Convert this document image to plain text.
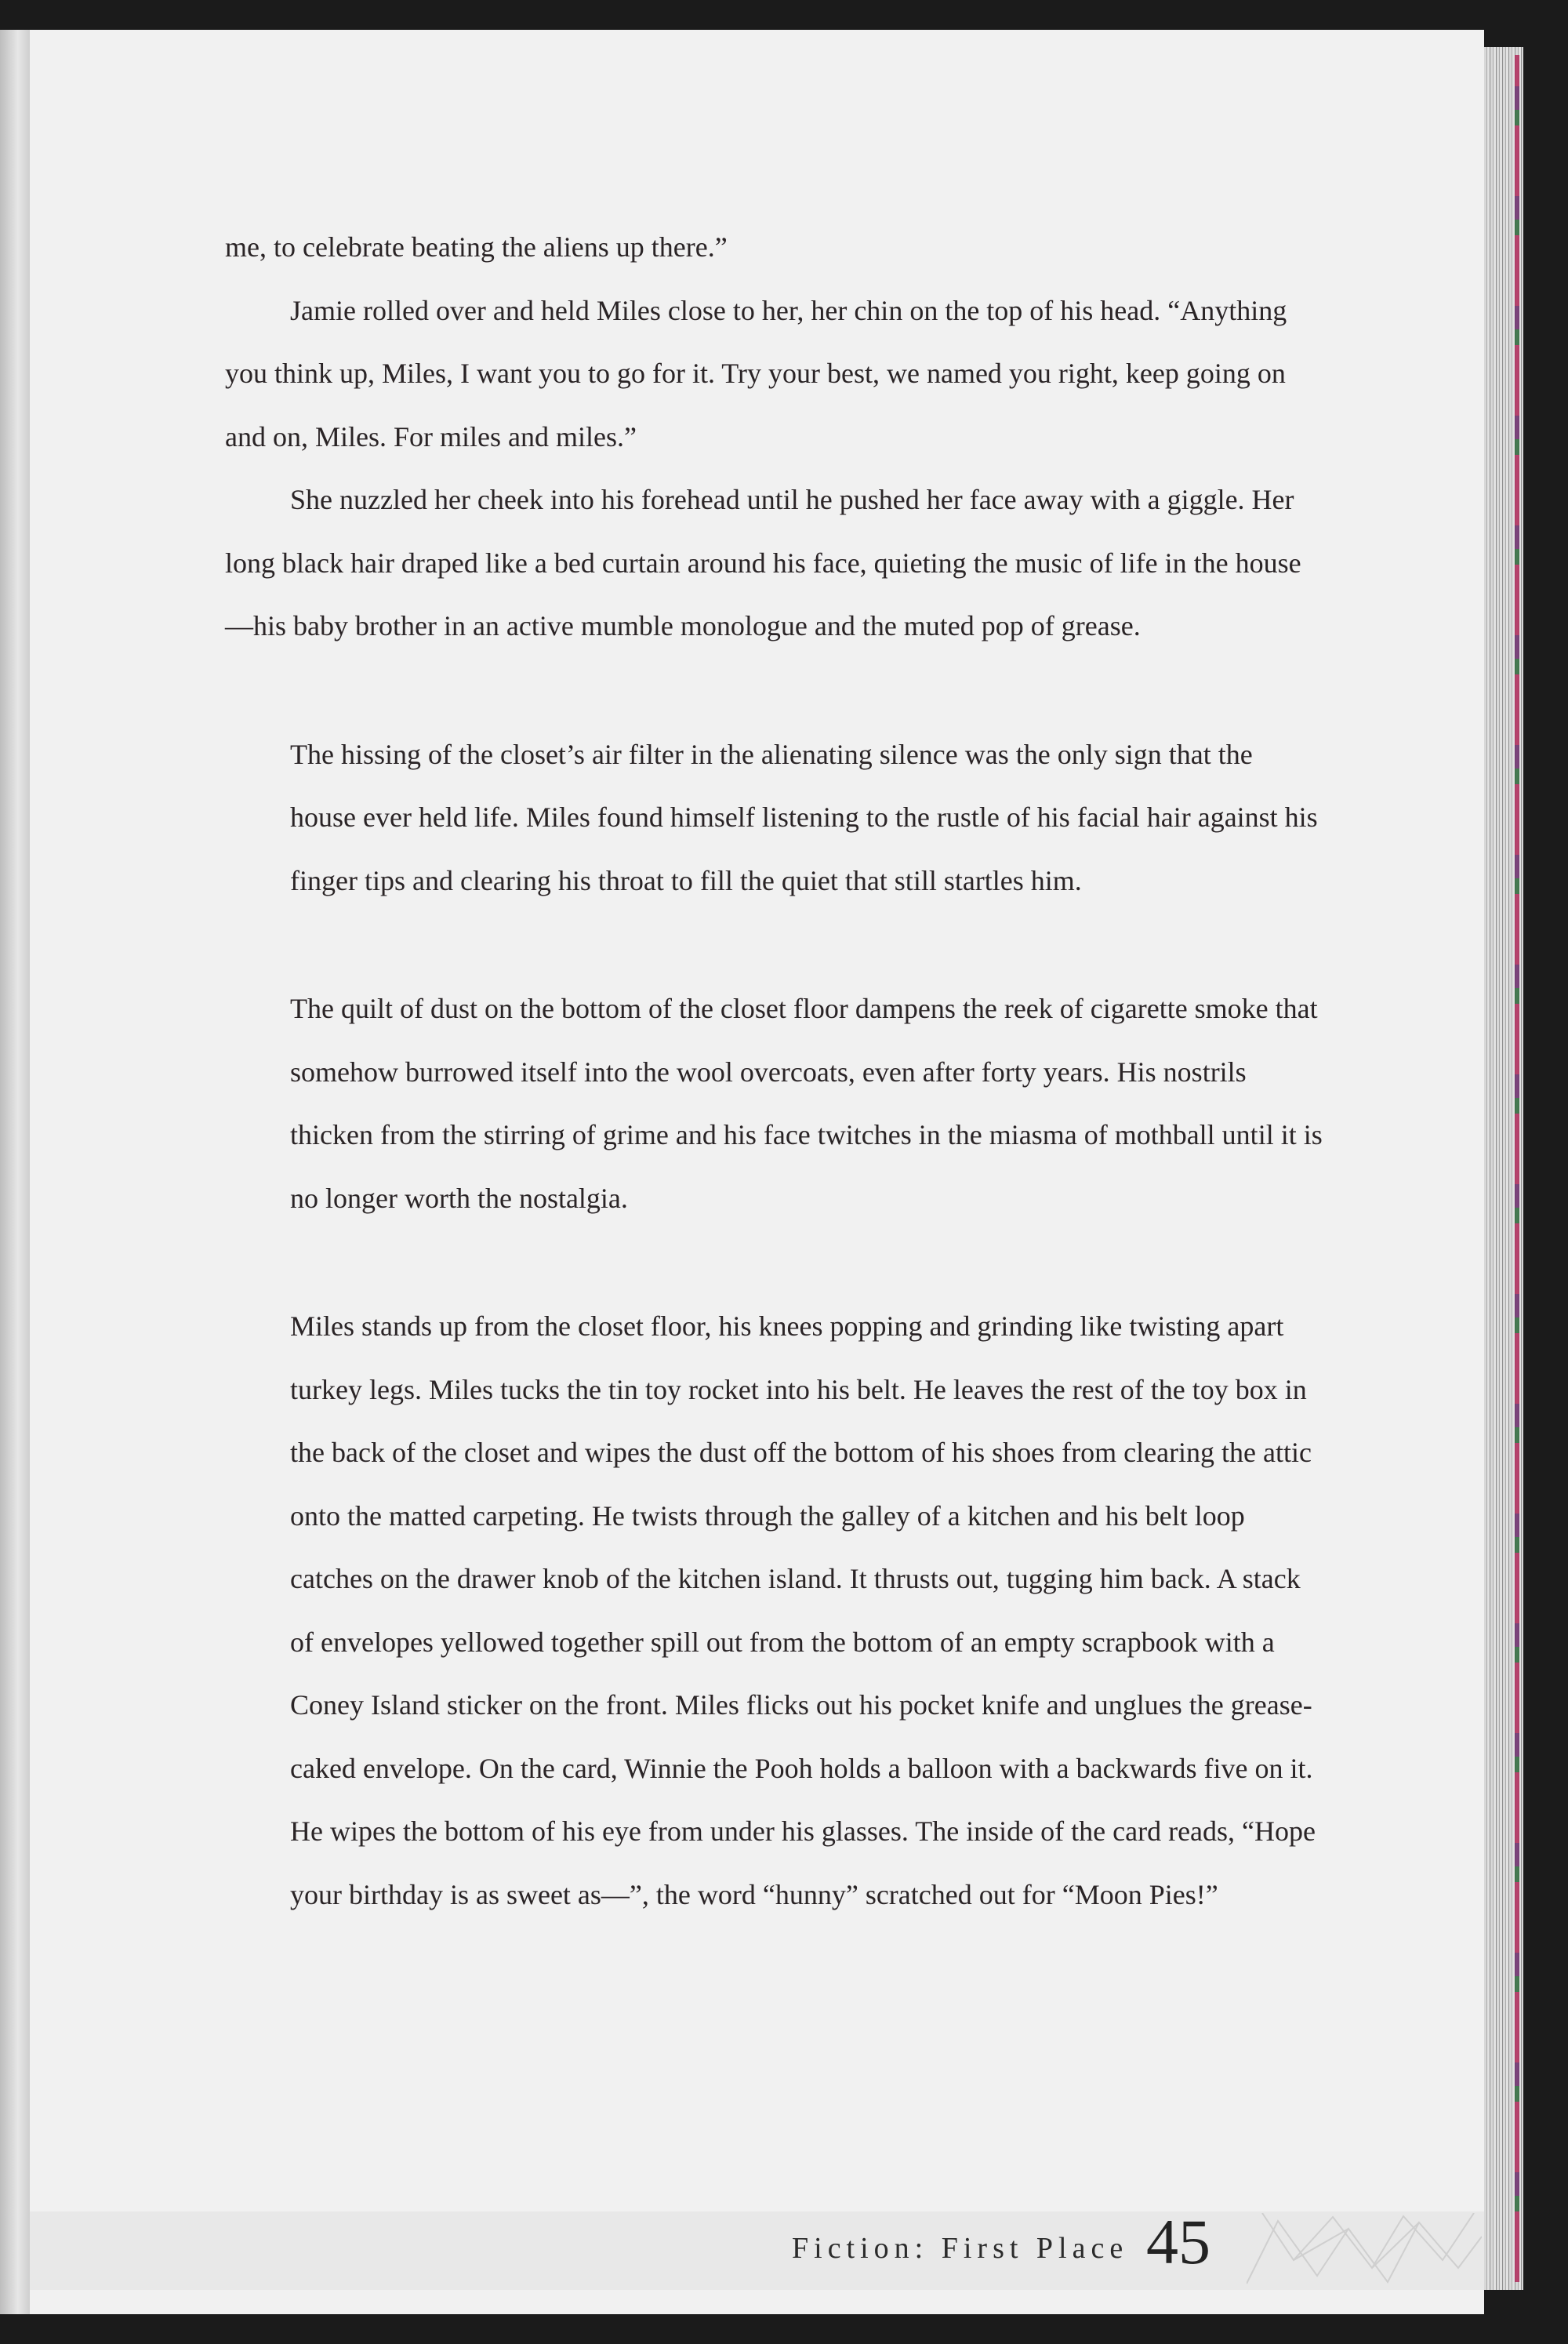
me, to celebrate beating the aliens up there.”

Jamie rolled over and held Miles close to her, her chin on the top of his head. “Anything you think up, Miles, I want you to go for it. Try your best, we named you right, keep going on and on, Miles. For miles and miles.”

She nuzzled her cheek into his forehead until he pushed her face away with a giggle. Her long black hair draped like a bed curtain around his face, quieting the music of life in the house—his baby brother in an active mumble monologue and the muted pop of grease.

The hissing of the closet’s air filter in the alienating silence was the only sign that the house ever held life. Miles found himself listening to the rustle of his facial hair against his finger tips and clearing his throat to fill the quiet that still startles him.

The quilt of dust on the bottom of the closet floor dampens the reek of cigarette smoke that somehow burrowed itself into the wool overcoats, even after forty years. His nostrils thicken from the stirring of grime and his face twitches in the miasma of mothball until it is no longer worth the nostalgia.

Miles stands up from the closet floor, his knees popping and grinding like twisting apart turkey legs. Miles tucks the tin toy rocket into his belt. He leaves the rest of the toy box in the back of the closet and wipes the dust off the bottom of his shoes from clearing the attic onto the matted carpeting. He twists through the galley of a kitchen and his belt loop catches on the drawer knob of the kitchen island. It thrusts out, tugging him back. A stack of envelopes yellowed together spill out from the bottom of an empty scrapbook with a Coney Island sticker on the front. Miles flicks out his pocket knife and unglues the grease-caked envelope. On the card, Winnie the Pooh holds a balloon with a backwards five on it. He wipes the bottom of his eye from under his glasses. The inside of the card reads, “Hope your birthday is as sweet as—”, the word “hunny” scratched out for “Moon Pies!”

Fiction: First Place 45
